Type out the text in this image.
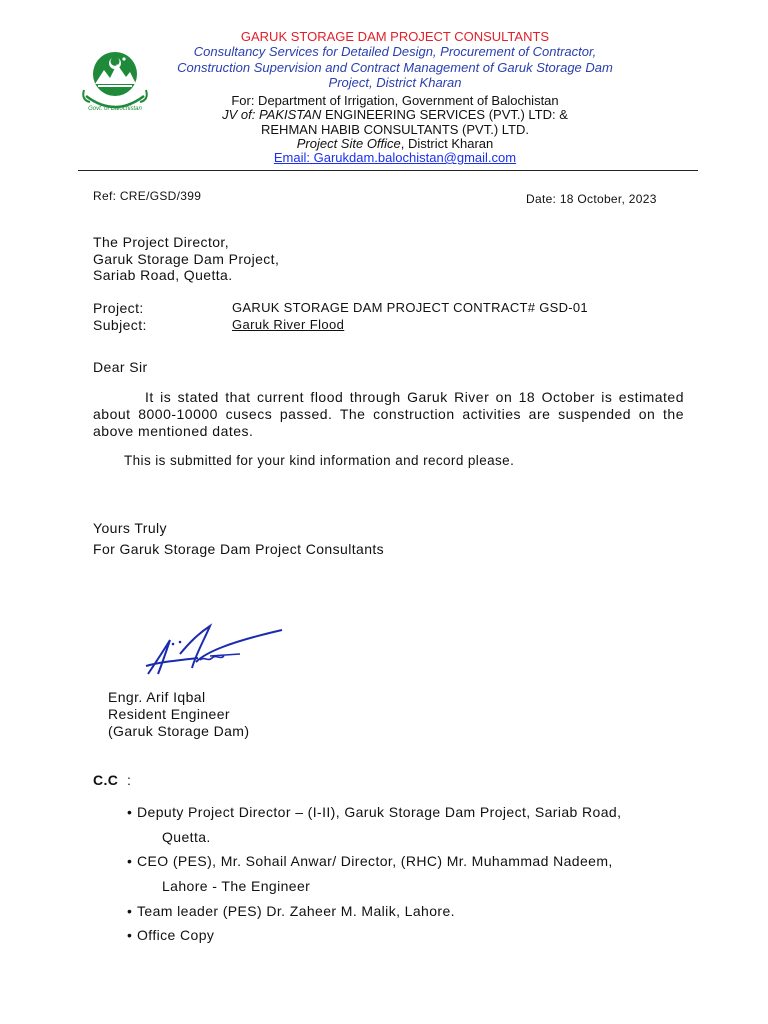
Govt. of Balochistan
GARUK STORAGE DAM PROJECT CONSULTANTS
Consultancy Services for Detailed Design, Procurement of Contractor,
Construction Supervision and Contract Management of Garuk Storage Dam
Project, District Kharan
For: Department of Irrigation, Government of Balochistan
JV of: PAKISTAN ENGINEERING SERVICES (PVT.) LTD: &
REHMAN HABIB CONSULTANTS (PVT.) LTD.
Project Site Office, District Kharan
Email: Garukdam.balochistan@gmail.com
Ref: CRE/GSD/399	Date: 18 October, 2023
The Project Director,
Garuk Storage Dam Project,
Sariab Road, Quetta.
Project:	GARUK STORAGE DAM PROJECT CONTRACT# GSD-01
Subject:	Garuk River Flood
Dear Sir
It is stated that current flood through Garuk River on 18 October is estimated about 8000-10000 cusecs passed. The construction activities are suspended on the above mentioned dates.
This is submitted for your kind information and record please.
Yours Truly
For Garuk Storage Dam Project Consultants
Engr. Arif Iqbal
Resident Engineer
(Garuk Storage Dam)
C.C :
• Deputy Project Director – (I-II), Garuk Storage Dam Project, Sariab Road,
Quetta.
• CEO (PES), Mr. Sohail Anwar/ Director, (RHC) Mr. Muhammad Nadeem,
Lahore - The Engineer
• Team leader (PES) Dr. Zaheer M. Malik, Lahore.
• Office Copy
